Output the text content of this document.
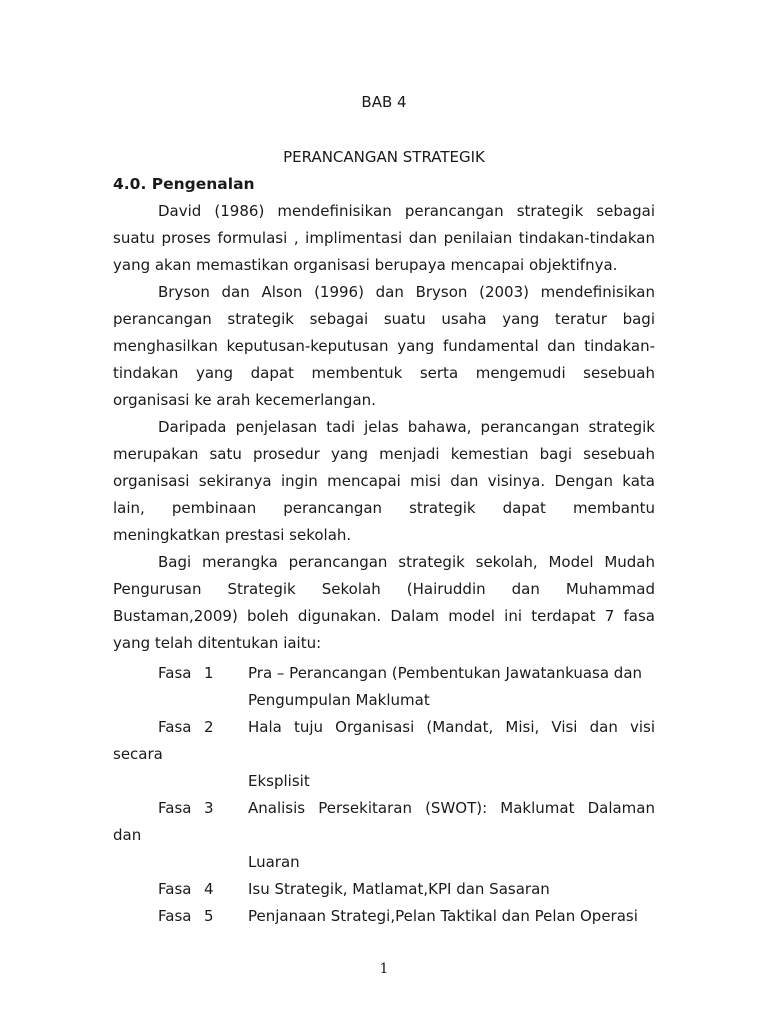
BAB 4
PERANCANGAN STRATEGIK
4.0. Pengenalan
David (1986) mendefinisikan perancangan strategik sebagai suatu proses formulasi , implimentasi dan penilaian tindakan-tindakan yang akan memastikan organisasi berupaya mencapai objektifnya.
Bryson dan Alson (1996) dan Bryson (2003) mendefinisikan perancangan strategik sebagai suatu usaha yang teratur bagi menghasilkan keputusan-keputusan yang fundamental dan tindakan-tindakan yang dapat membentuk serta mengemudi sesebuah organisasi ke arah kecemerlangan.
Daripada penjelasan tadi jelas bahawa, perancangan strategik merupakan satu prosedur yang menjadi kemestian bagi sesebuah organisasi sekiranya ingin mencapai misi dan visinya. Dengan kata lain, pembinaan perancangan strategik dapat membantu meningkatkan prestasi sekolah.
Bagi merangka perancangan strategik sekolah, Model Mudah Pengurusan Strategik Sekolah (Hairuddin dan Muhammad Bustaman,2009) boleh digunakan. Dalam model ini terdapat 7 fasa yang telah ditentukan iaitu:
Fasa 1 Pra – Perancangan (Pembentukan Jawatankuasa dan
Pengumpulan Maklumat
Fasa 2 Hala tuju Organisasi (Mandat, Misi, Visi dan visi
secara
Eksplisit
Fasa 3 Analisis Persekitaran (SWOT): Maklumat Dalaman
dan
Luaran
Fasa 4 Isu Strategik, Matlamat,KPI dan Sasaran
Fasa 5 Penjanaan Strategi,Pelan Taktikal dan Pelan Operasi
1
